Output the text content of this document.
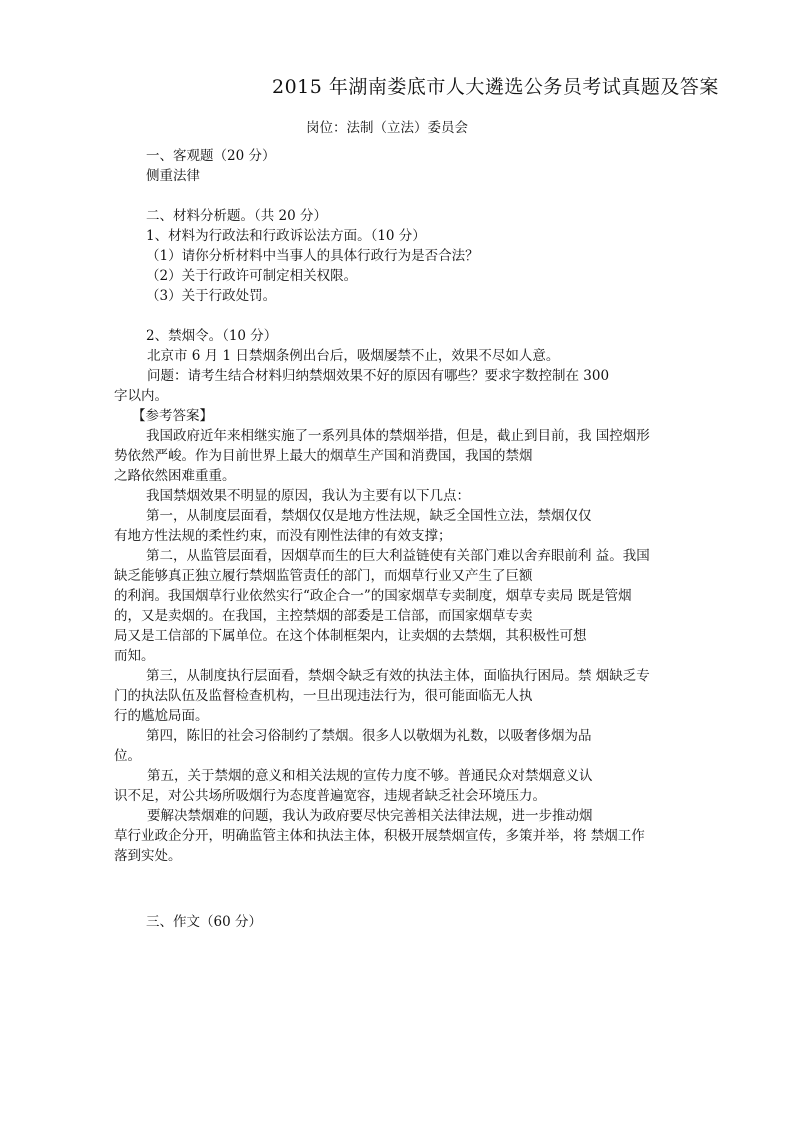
2015 年湖南娄底市人大遴选公务员考试真题及答案
岗位：法制（立法）委员会
一、客观题（20 分）
侧重法律
二、材料分析题。（共 20 分）
1、材料为行政法和行政诉讼法方面。（10 分）
（1）请你分析材料中当事人的具体行政行为是否合法？
（2）关于行政许可制定相关权限。
（3）关于行政处罚。
2、禁烟令。（10 分）
北京市 6 月 1 日禁烟条例出台后，吸烟屡禁不止，效果不尽如人意。
问题：请考生结合材料归纳禁烟效果不好的原因有哪些？要求字数控制在 300
字以内。
【参考答案】
我国政府近年来相继实施了一系列具体的禁烟举措，但是，截止到目前，我 国控烟形
势依然严峻。作为目前世界上最大的烟草生产国和消费国，我国的禁烟
之路依然困难重重。
我国禁烟效果不明显的原因，我认为主要有以下几点：
第一，从制度层面看，禁烟仅仅是地方性法规，缺乏全国性立法，禁烟仅仅
有地方性法规的柔性约束，而没有刚性法律的有效支撑；
第二，从监管层面看，因烟草而生的巨大利益链使有关部门难以舍弃眼前利 益。我国
缺乏能够真正独立履行禁烟监管责任的部门，而烟草行业又产生了巨额
的利润。我国烟草行业依然实行“政企合一”的国家烟草专卖制度，烟草专卖局 既是管烟
的，又是卖烟的。在我国，主控禁烟的部委是工信部，而国家烟草专卖
局又是工信部的下属单位。在这个体制框架内，让卖烟的去禁烟，其积极性可想
而知。
第三，从制度执行层面看，禁烟令缺乏有效的执法主体，面临执行困局。禁 烟缺乏专
门的执法队伍及监督检查机构，一旦出现违法行为，很可能面临无人执
行的尴尬局面。
第四，陈旧的社会习俗制约了禁烟。很多人以敬烟为礼数，以吸奢侈烟为品
位。
第五，关于禁烟的意义和相关法规的宣传力度不够。普通民众对禁烟意义认
识不足，对公共场所吸烟行为态度普遍宽容，违规者缺乏社会环境压力。
要解决禁烟难的问题，我认为政府要尽快完善相关法律法规，进一步推动烟
草行业政企分开，明确监管主体和执法主体，积极开展禁烟宣传，多策并举，将 禁烟工作
落到实处。
三、作文（60 分）
